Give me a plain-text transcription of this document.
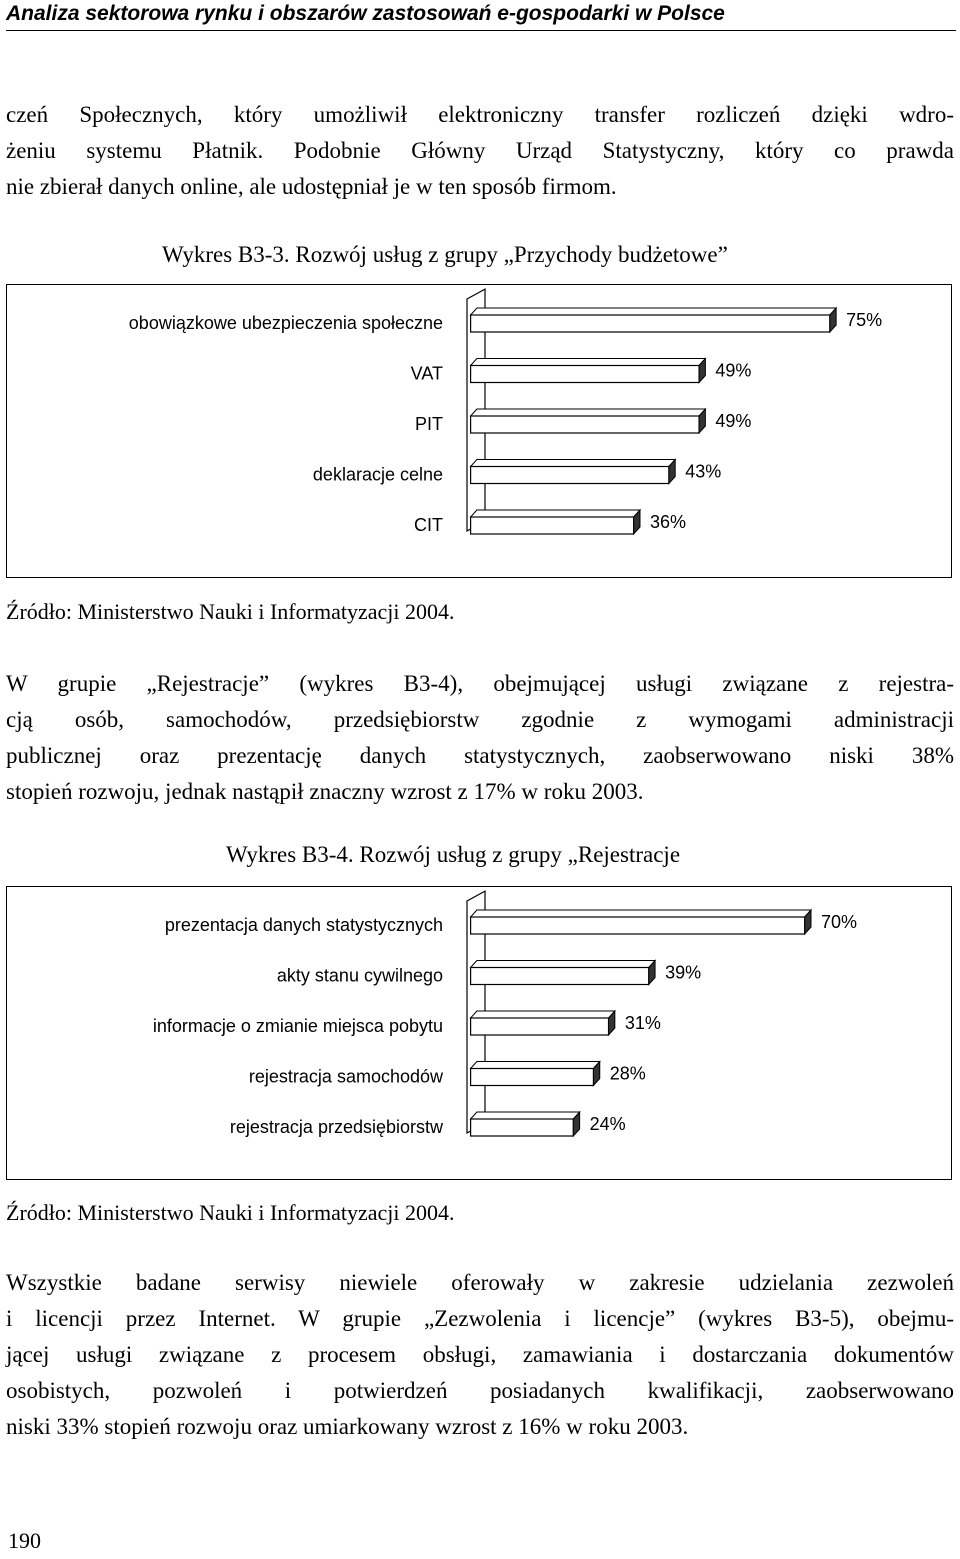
Analiza sektorowa rynku i obszarów zastosowań e-gospodarki w Polsce
czeń Społecznych, który umożliwił elektroniczny transfer rozliczeń dzięki wdro-
żeniu systemu Płatnik. Podobnie Główny Urząd Statystyczny, który co prawda
nie zbierał danych online, ale udostępniał je w ten sposób firmom.
Wykres B3-3. Rozwój usług z grupy „Przychody budżetowe”
obowiązkowe ubezpieczenia społeczne	75%
VAT	49%
PIT	49%
deklaracje celne	43%
CIT	36%
Źródło: Ministerstwo Nauki i Informatyzacji 2004.
W grupie „Rejestracje” (wykres B3-4), obejmującej usługi związane z rejestra-
cją osób, samochodów, przedsiębiorstw zgodnie z wymogami administracji
publicznej oraz prezentację danych statystycznych, zaobserwowano niski 38%
stopień rozwoju, jednak nastąpił znaczny wzrost z 17% w roku 2003.
Wykres B3-4. Rozwój usług z grupy „Rejestracje
prezentacja danych statystycznych	70%
akty stanu cywilnego	39%
informacje o zmianie miejsca pobytu	31%
rejestracja samochodów	28%
rejestracja przedsiębiorstw	24%
Źródło: Ministerstwo Nauki i Informatyzacji 2004.
Wszystkie badane serwisy niewiele oferowały w zakresie udzielania zezwoleń
i licencji przez Internet. W grupie „Zezwolenia i licencje” (wykres B3-5), obejmu-
jącej usługi związane z procesem obsługi, zamawiania i dostarczania dokumentów
osobistych, pozwoleń i potwierdzeń posiadanych kwalifikacji, zaobserwowano
niski 33% stopień rozwoju oraz umiarkowany wzrost z 16% w roku 2003.
190
